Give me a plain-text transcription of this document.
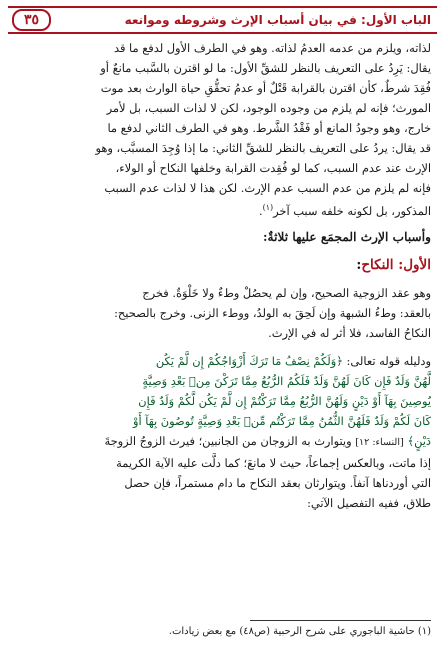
الباب الأول: في بيان أسباب الإرث وشروطه وموانعه
٣٥

لذاته، ويلزم من عدمه العدمُ لذاته. وهو في الطرف الأول لدفع ما قد
يقال: يَرِدُ على التعريف بالنظر للشقِّ الأول: ما لو اقترن بالسَّبب مانعٌ أو
فُقِدَ شرطٌ، كأن اقترن بالقرابة قَتْلٌ أو عدمُ تحقُّقِ حياة الوارث بعد موت
المورث؛ فإنه لم يلزم من وجوده الوجود، لكن لا لذات السبب، بل لأمر
خارج، وهو وجودُ المانع أو فَقْدُ الشَّرط. وهو في الطرف الثاني لدفع ما
قد يقال: يردُ على التعريف بالنظر للشقِّ الثاني: ما إذا وُجِدَ المسبَّب، وهو
الإرث عند عدم السبب، كما لو فُقِدت القرابة وخلفها النكاح أو الولاء،
فإنه لم يلزم من عدم السبب عدم الإرث. لكن هذا لا لذات عدم السبب
المذكور، بل لكونه خلفه سبب آخر$^{(١)}$.

وأسباب الإرث المجمَع عليها ثلاثةٌ:
الأول: النكاح:

وهو عقد الزوجية الصحيح، وإن لم يحصُلْ وطءٌ ولا خَلْوَةٌ. فخرج
بالعقد: وطءُ الشبهة وإن لَحِقَ به الولدُ، ووطء الزنى. وخرج بالصحيح:
النكاحُ الفاسد، فلا أثر له في الإرث.

ودليله قوله تعالى: ﴿وَلَكُمْ نِصْفُ مَا تَرَكَ أَزْوَاجُكُمْ إِن لَّمْ يَكُن
لَّهُنَّ وَلَدٌ فَإِن كَانَ لَهُنَّ وَلَدٌ فَلَكُمُ الرُّبُعُ مِمَّا تَرَكْنَ مِنۢ بَعْدِ وَصِيَّةٍ
يُوصِينَ بِهَآ أَوْ دَيْنٍ وَلَهُنَّ الرُّبُعُ مِمَّا تَرَكْتُمْ إِن لَّمْ يَكُن لَّكُمْ وَلَدٌ فَإِن
كَانَ لَكُمْ وَلَدٌ فَلَهُنَّ الثُّمُنُ مِمَّا تَرَكْتُم مِّنۢ بَعْدِ وَصِيَّةٍ تُوصُونَ بِهَآ أَوْ
دَيْنٍ﴾ [النساء: ١٢] ويتوارث به الزوجان من الجانبين؛ فيرث الزوجُ الزوجةَ
إذا ماتت، وبالعكس إجماعاً، حيث لا مانعَ؛ كما دلَّت عليه الآية الكريمة
التي أوردناها آنفاً. ويتوارثان بعقد النكاح ما دام مستمراً، فإن حصل
طلاق، ففيه التفصيل الآتي:

(١) حاشية الباجوري على شرح الرحبية (ص٤٨) مع بعض زيادات.
